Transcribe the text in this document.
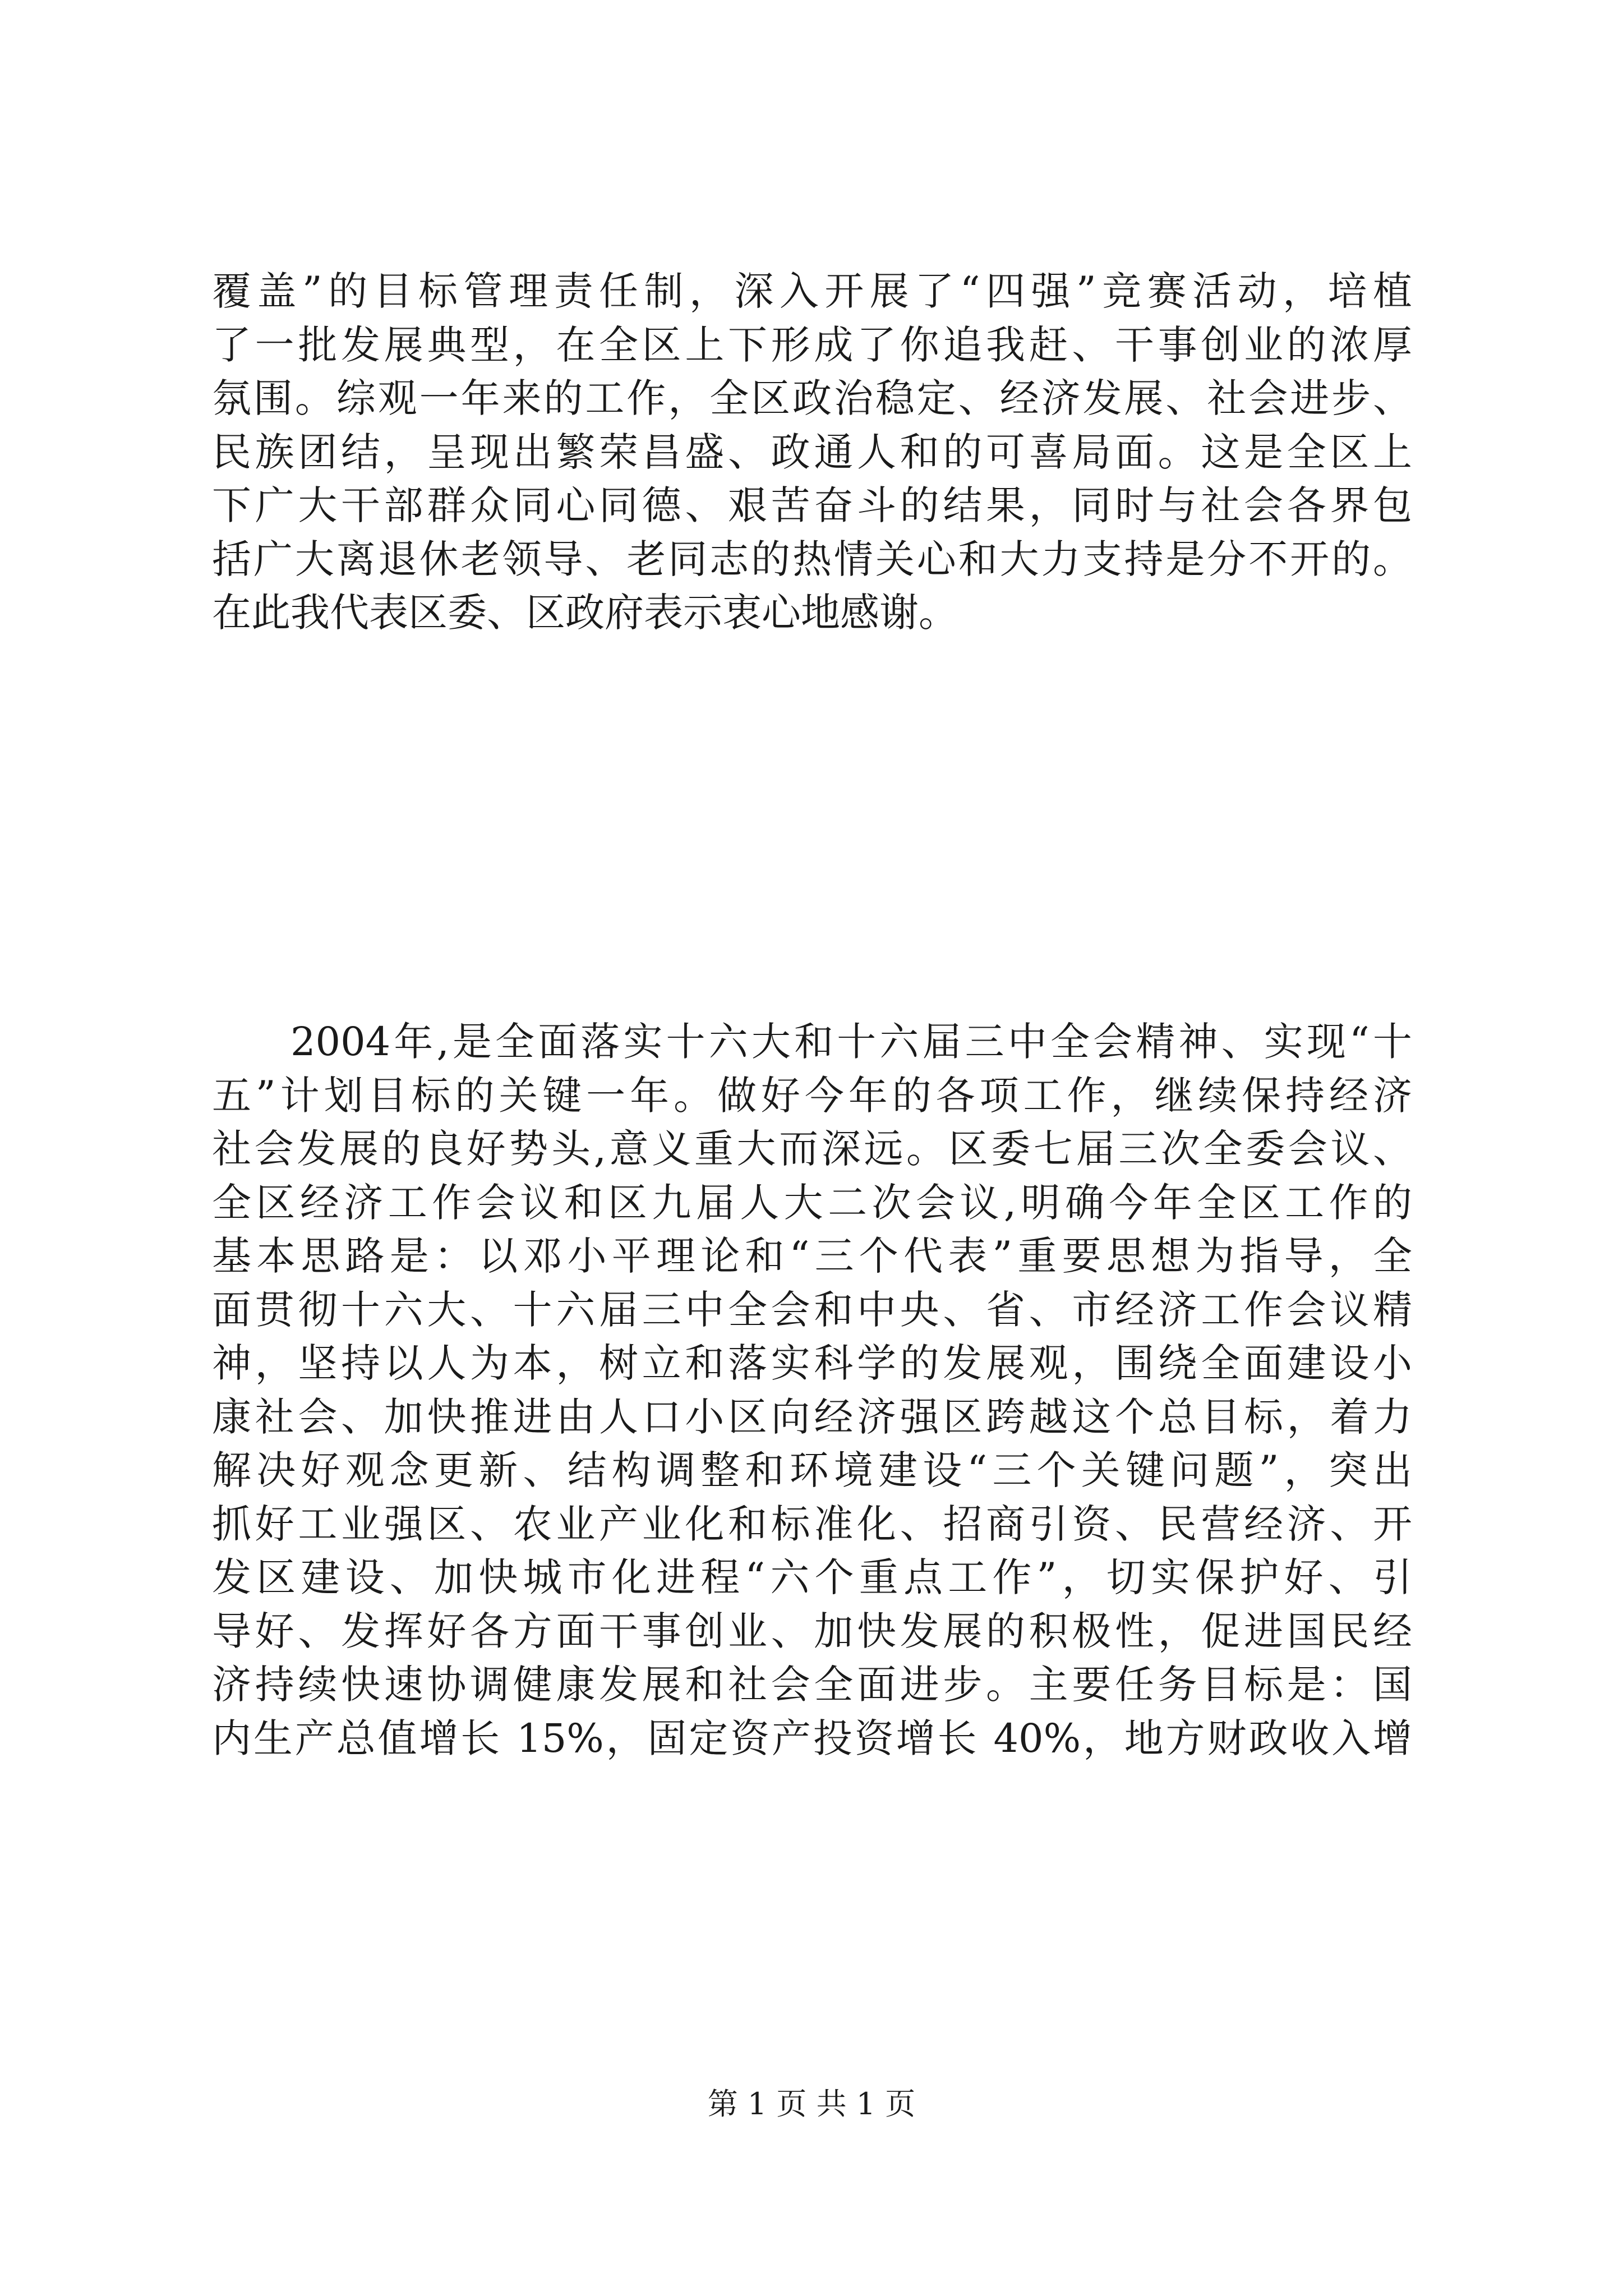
覆盖”的目标管理责任制，深入开展了“四强”竞赛活动，培植
了一批发展典型，在全区上下形成了你追我赶、干事创业的浓厚
氛围。综观一年来的工作，全区政治稳定、经济发展、社会进步、
民族团结，呈现出繁荣昌盛、政通人和的可喜局面。这是全区上
下广大干部群众同心同德、艰苦奋斗的结果，同时与社会各界包
括广大离退休老领导、老同志的热情关心和大力支持是分不开的。
在此我代表区委、区政府表示衷心地感谢。
2004年,是全面落实十六大和十六届三中全会精神、实现“十
五”计划目标的关键一年。做好今年的各项工作，继续保持经济
社会发展的良好势头,意义重大而深远。区委七届三次全委会议、
全区经济工作会议和区九届人大二次会议,明确今年全区工作的
基本思路是：以邓小平理论和“三个代表”重要思想为指导，全
面贯彻十六大、十六届三中全会和中央、省、市经济工作会议精
神，坚持以人为本，树立和落实科学的发展观，围绕全面建设小
康社会、加快推进由人口小区向经济强区跨越这个总目标，着力
解决好观念更新、结构调整和环境建设“三个关键问题”，突出
抓好工业强区、农业产业化和标准化、招商引资、民营经济、开
发区建设、加快城市化进程“六个重点工作”，切实保护好、引
导好、发挥好各方面干事创业、加快发展的积极性，促进国民经
济持续快速协调健康发展和社会全面进步。主要任务目标是：国
内生产总值增长 15%，固定资产投资增长 40%，地方财政收入增
第 1 页 共 1 页
